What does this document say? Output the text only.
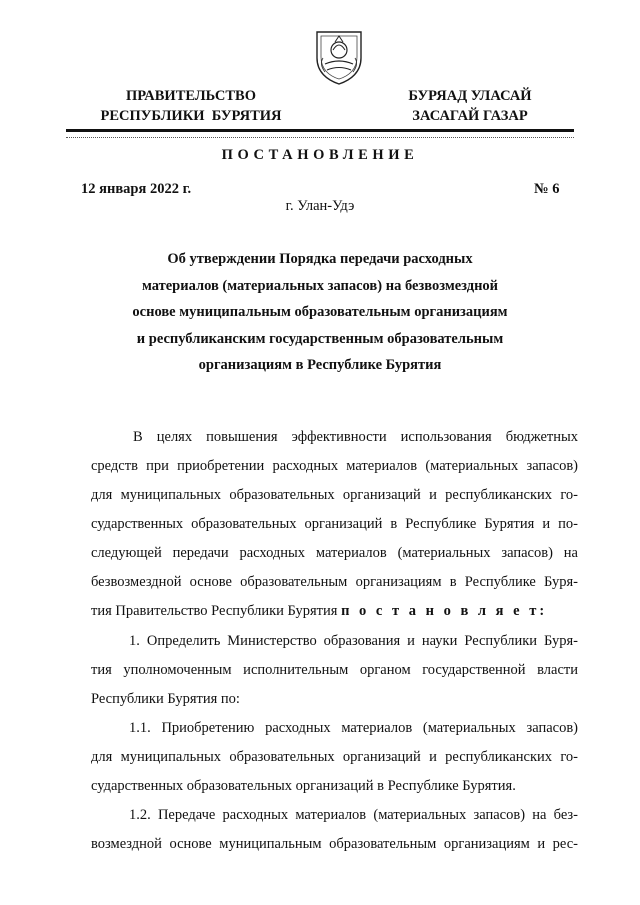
ПРАВИТЕЛЬСТВО
РЕСПУБЛИКИ  БУРЯТИЯ
БУРЯАД УЛАСАЙ
ЗАСАГАЙ ГАЗАР
ПОСТАНОВЛЕНИЕ
12 января 2022 г.	№ 6
г. Улан-Удэ
Об утверждении Порядка передачи расходных
материалов (материальных запасов) на безвозмездной
основе муниципальным образовательным организациям
и республиканским государственным образовательным
организациям в Республике Бурятия
В целях повышения эффективности использования бюджетных
средств при приобретении расходных материалов (материальных запасов)
для муниципальных образовательных организаций и республиканских го-
сударственных образовательных организаций в Республике Бурятия и по-
следующей передачи расходных материалов (материальных запасов) на
безвозмездной основе образовательным организациям в Республике Буря-
тия Правительство Республики Бурятия п о с т а н о в л я е т:
1. Определить Министерство образования и науки Республики Буря-
тия уполномоченным исполнительным органом государственной власти
Республики Бурятия по:
1.1. Приобретению расходных материалов (материальных запасов)
для муниципальных образовательных организаций и республиканских го-
сударственных образовательных организаций в Республике Бурятия.
1.2. Передаче расходных материалов (материальных запасов) на без-
возмездной основе муниципальным образовательным организациям и рес-
